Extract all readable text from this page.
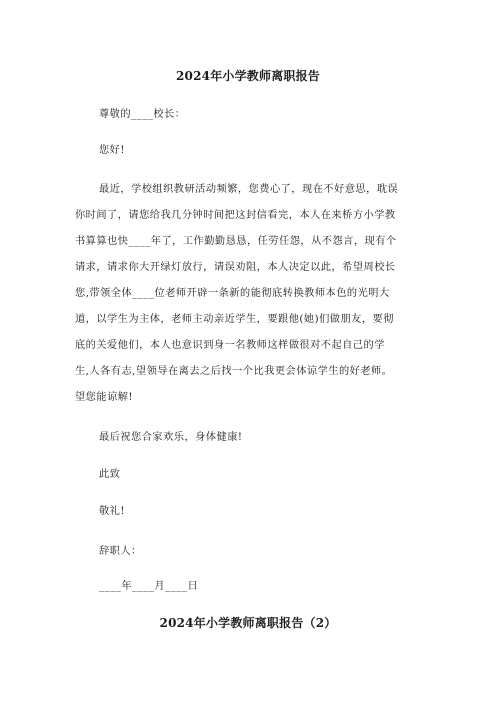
2024年小学教师离职报告
尊敬的____校长：
您好!
最近，学校组织教研活动频繁，您费心了，现在不好意思，耽误
你时间了，请您给我几分钟时间把这封信看完，本人在来桥方小学教
书算算也快____年了，工作勤勤恳恳，任劳任怨，从不怨言，现有个
请求，请求你大开绿灯放行，请误劝阻，本人决定以此，希望周校长
您,带领全体____位老师开辟一条新的能彻底转换教师本色的光明大
道，以学生为主体，老师主动亲近学生，要跟他(她)们做朋友，要彻
底的关爱他们，本人也意识到身一名教师这样做很对不起自己的学
生,人各有志,望领导在离去之后找一个比我更会体谅学生的好老师。
望您能谅解!
最后祝您合家欢乐，身体健康!
此致
敬礼!
辞职人：
____年____月____日
2024年小学教师离职报告（2）
